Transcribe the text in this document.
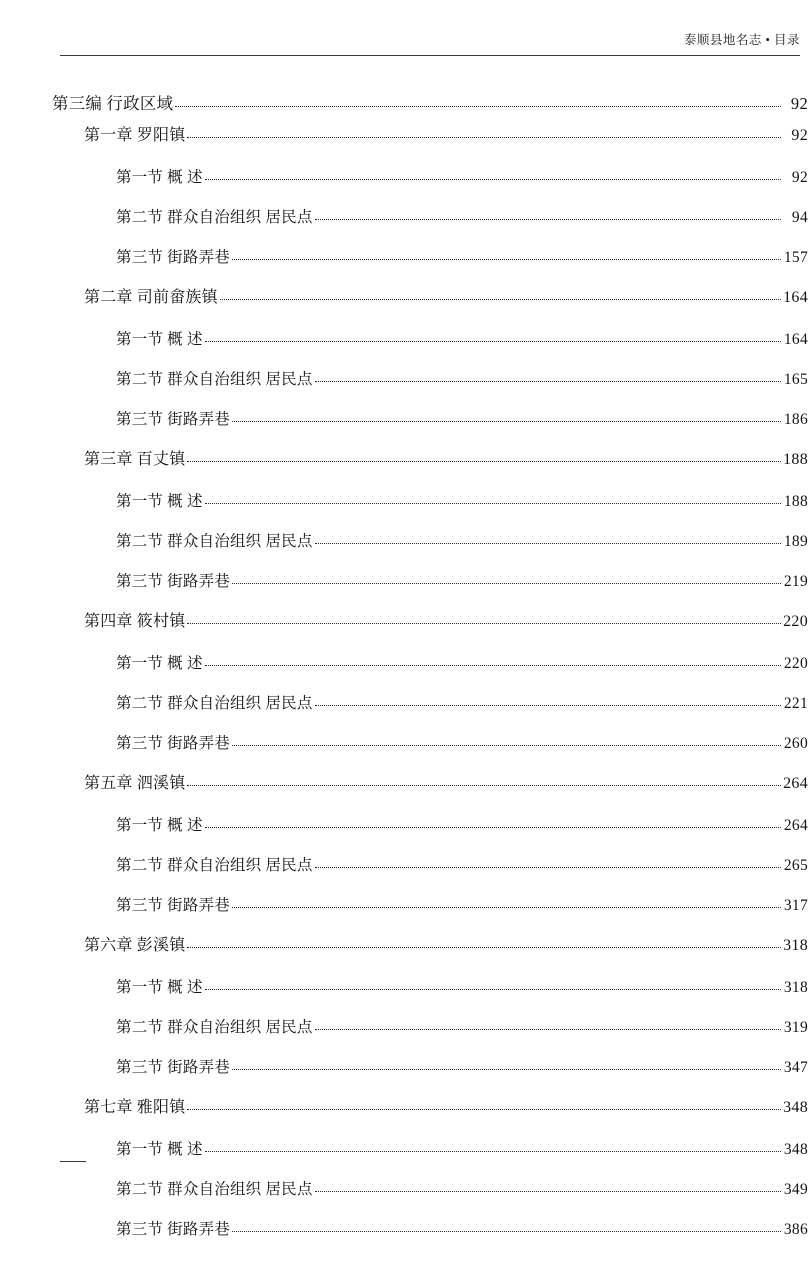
泰顺县地名志 • 目录
第三编 行政区域	92
第一章 罗阳镇	92
第一节 概 述	92
第二节 群众自治组织 居民点	94
第三节 街路弄巷	157
第二章 司前畲族镇	164
第一节 概 述	164
第二节 群众自治组织 居民点	165
第三节 街路弄巷	186
第三章 百丈镇	188
第一节 概 述	188
第二节 群众自治组织 居民点	189
第三节 街路弄巷	219
第四章 筱村镇	220
第一节 概 述	220
第二节 群众自治组织 居民点	221
第三节 街路弄巷	260
第五章 泗溪镇	264
第一节 概 述	264
第二节 群众自治组织 居民点	265
第三节 街路弄巷	317
第六章 彭溪镇	318
第一节 概 述	318
第二节 群众自治组织 居民点	319
第三节 街路弄巷	347
第七章 雅阳镇	348
第一节 概 述	348
第二节 群众自治组织 居民点	349
第三节 街路弄巷	386
